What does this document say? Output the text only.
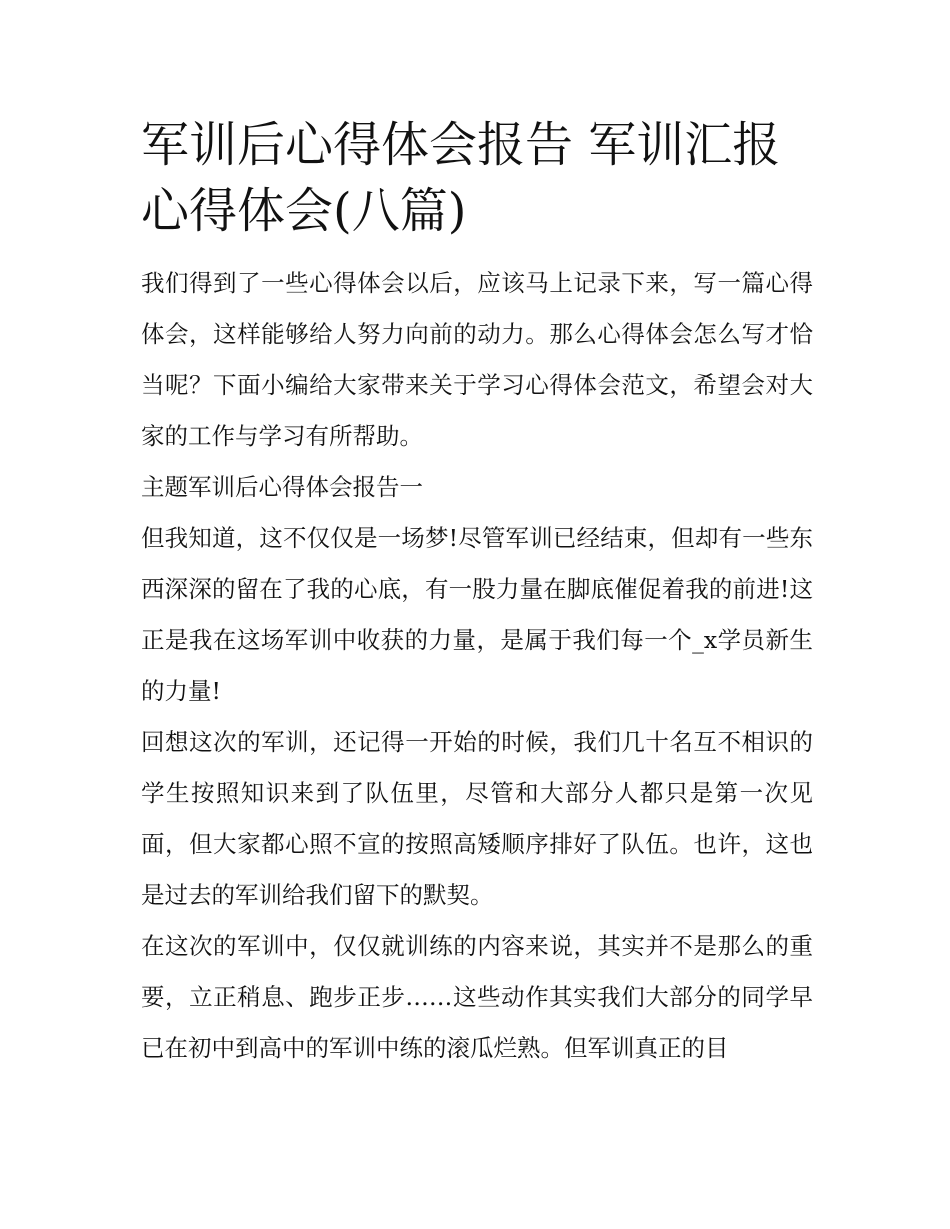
军训后心得体会报告 军训汇报心得体会(八篇)

我们得到了一些心得体会以后，应该马上记录下来，写一篇心得体会，这样能够给人努力向前的动力。那么心得体会怎么写才恰当呢？下面小编给大家带来关于学习心得体会范文，希望会对大家的工作与学习有所帮助。

主题军训后心得体会报告一

但我知道，这不仅仅是一场梦!尽管军训已经结束，但却有一些东西深深的留在了我的心底，有一股力量在脚底催促着我的前进!这正是我在这场军训中收获的力量，是属于我们每一个_x学员新生的力量!

回想这次的军训，还记得一开始的时候，我们几十名互不相识的学生按照知识来到了队伍里，尽管和大部分人都只是第一次见面，但大家都心照不宣的按照高矮顺序排好了队伍。也许，这也是过去的军训给我们留下的默契。

在这次的军训中，仅仅就训练的内容来说，其实并不是那么的重要，立正稍息、跑步正步……这些动作其实我们大部分的同学早已在初中到高中的军训中练的滚瓜烂熟。但军训真正的目
